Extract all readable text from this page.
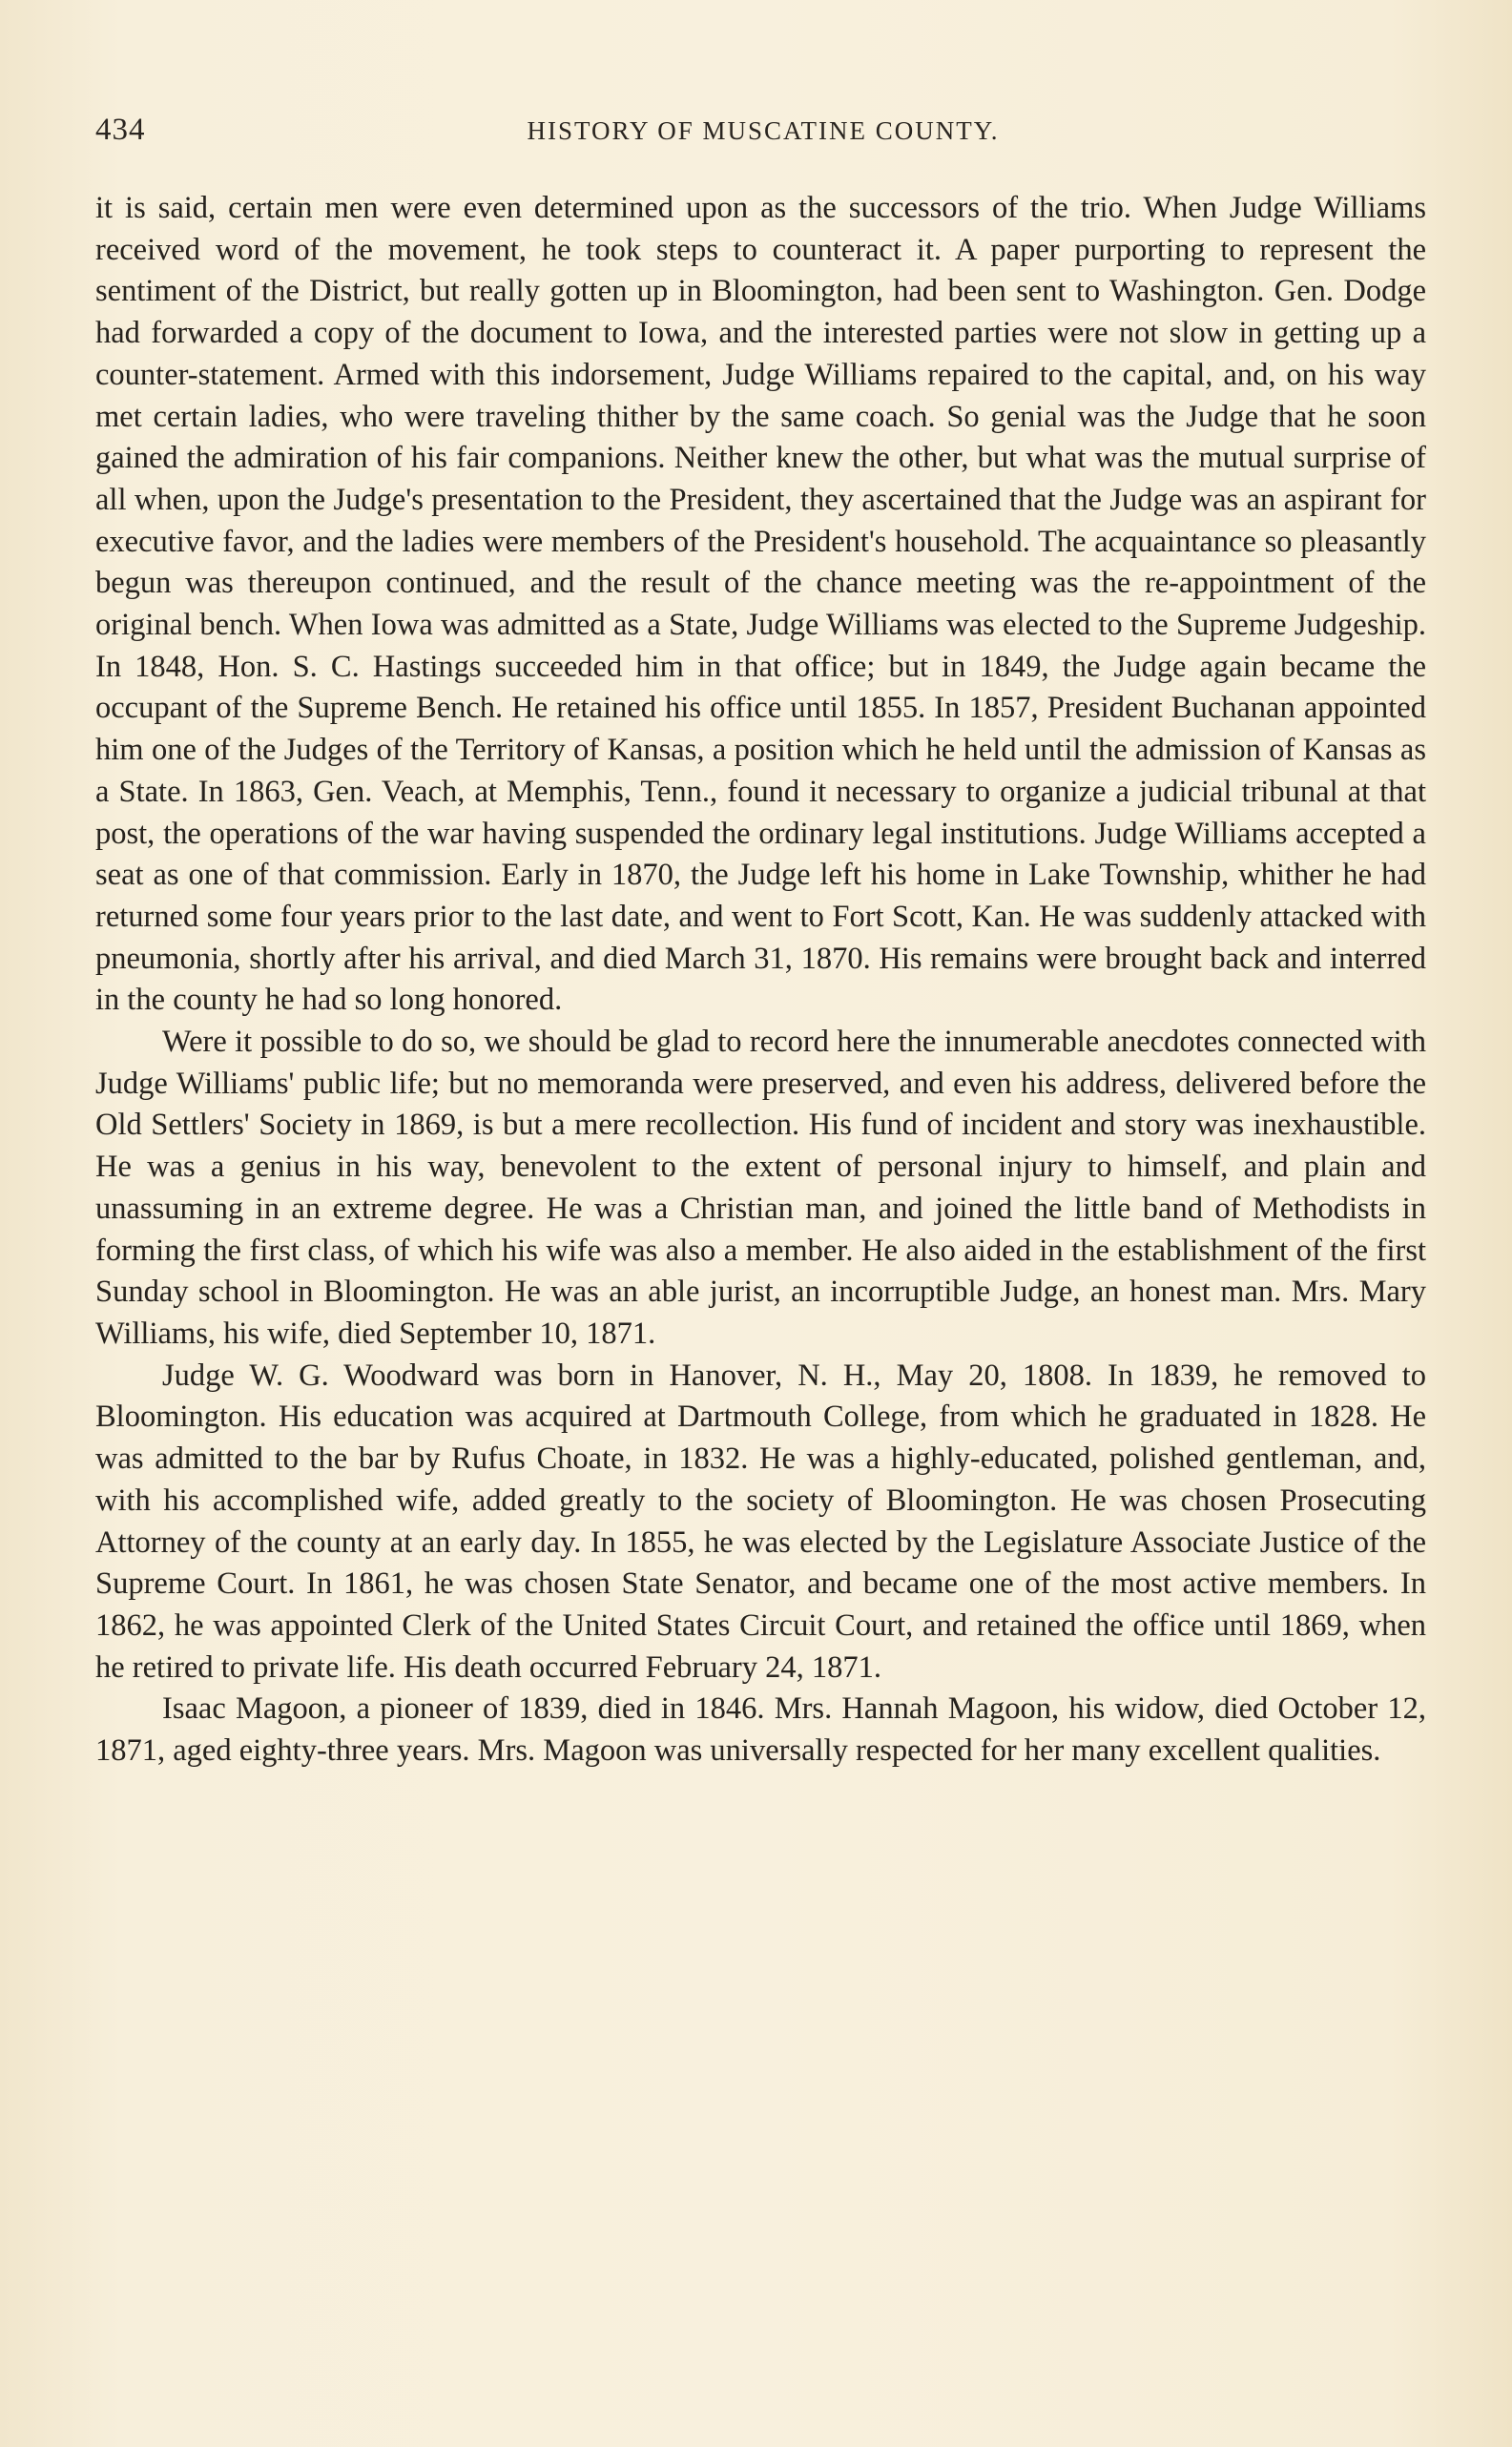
434	HISTORY OF MUSCATINE COUNTY.

it is said, certain men were even determined upon as the successors of the trio. When Judge Williams received word of the movement, he took steps to counteract it. A paper purporting to represent the sentiment of the District, but really gotten up in Bloomington, had been sent to Washington. Gen. Dodge had forwarded a copy of the document to Iowa, and the interested parties were not slow in getting up a counter-statement. Armed with this indorsement, Judge Williams repaired to the capital, and, on his way met certain ladies, who were traveling thither by the same coach. So genial was the Judge that he soon gained the admiration of his fair companions. Neither knew the other, but what was the mutual surprise of all when, upon the Judge's presentation to the President, they ascertained that the Judge was an aspirant for executive favor, and the ladies were members of the President's household. The acquaintance so pleasantly begun was thereupon continued, and the result of the chance meeting was the re-appointment of the original bench. When Iowa was admitted as a State, Judge Williams was elected to the Supreme Judgeship. In 1848, Hon. S. C. Hastings succeeded him in that office; but in 1849, the Judge again became the occupant of the Supreme Bench. He retained his office until 1855. In 1857, President Buchanan appointed him one of the Judges of the Territory of Kansas, a position which he held until the admission of Kansas as a State. In 1863, Gen. Veach, at Memphis, Tenn., found it necessary to organize a judicial tribunal at that post, the operations of the war having suspended the ordinary legal institutions. Judge Williams accepted a seat as one of that commission. Early in 1870, the Judge left his home in Lake Township, whither he had returned some four years prior to the last date, and went to Fort Scott, Kan. He was suddenly attacked with pneumonia, shortly after his arrival, and died March 31, 1870. His remains were brought back and interred in the county he had so long honored.

Were it possible to do so, we should be glad to record here the innumerable anecdotes connected with Judge Williams' public life; but no memoranda were preserved, and even his address, delivered before the Old Settlers' Society in 1869, is but a mere recollection. His fund of incident and story was inexhaustible. He was a genius in his way, benevolent to the extent of personal injury to himself, and plain and unassuming in an extreme degree. He was a Christian man, and joined the little band of Methodists in forming the first class, of which his wife was also a member. He also aided in the establishment of the first Sunday school in Bloomington. He was an able jurist, an incorruptible Judge, an honest man. Mrs. Mary Williams, his wife, died September 10, 1871.

Judge W. G. Woodward was born in Hanover, N. H., May 20, 1808. In 1839, he removed to Bloomington. His education was acquired at Dartmouth College, from which he graduated in 1828. He was admitted to the bar by Rufus Choate, in 1832. He was a highly-educated, polished gentleman, and, with his accomplished wife, added greatly to the society of Bloomington. He was chosen Prosecuting Attorney of the county at an early day. In 1855, he was elected by the Legislature Associate Justice of the Supreme Court. In 1861, he was chosen State Senator, and became one of the most active members. In 1862, he was appointed Clerk of the United States Circuit Court, and retained the office until 1869, when he retired to private life. His death occurred February 24, 1871.

Isaac Magoon, a pioneer of 1839, died in 1846. Mrs. Hannah Magoon, his widow, died October 12, 1871, aged eighty-three years. Mrs. Magoon was universally respected for her many excellent qualities.
